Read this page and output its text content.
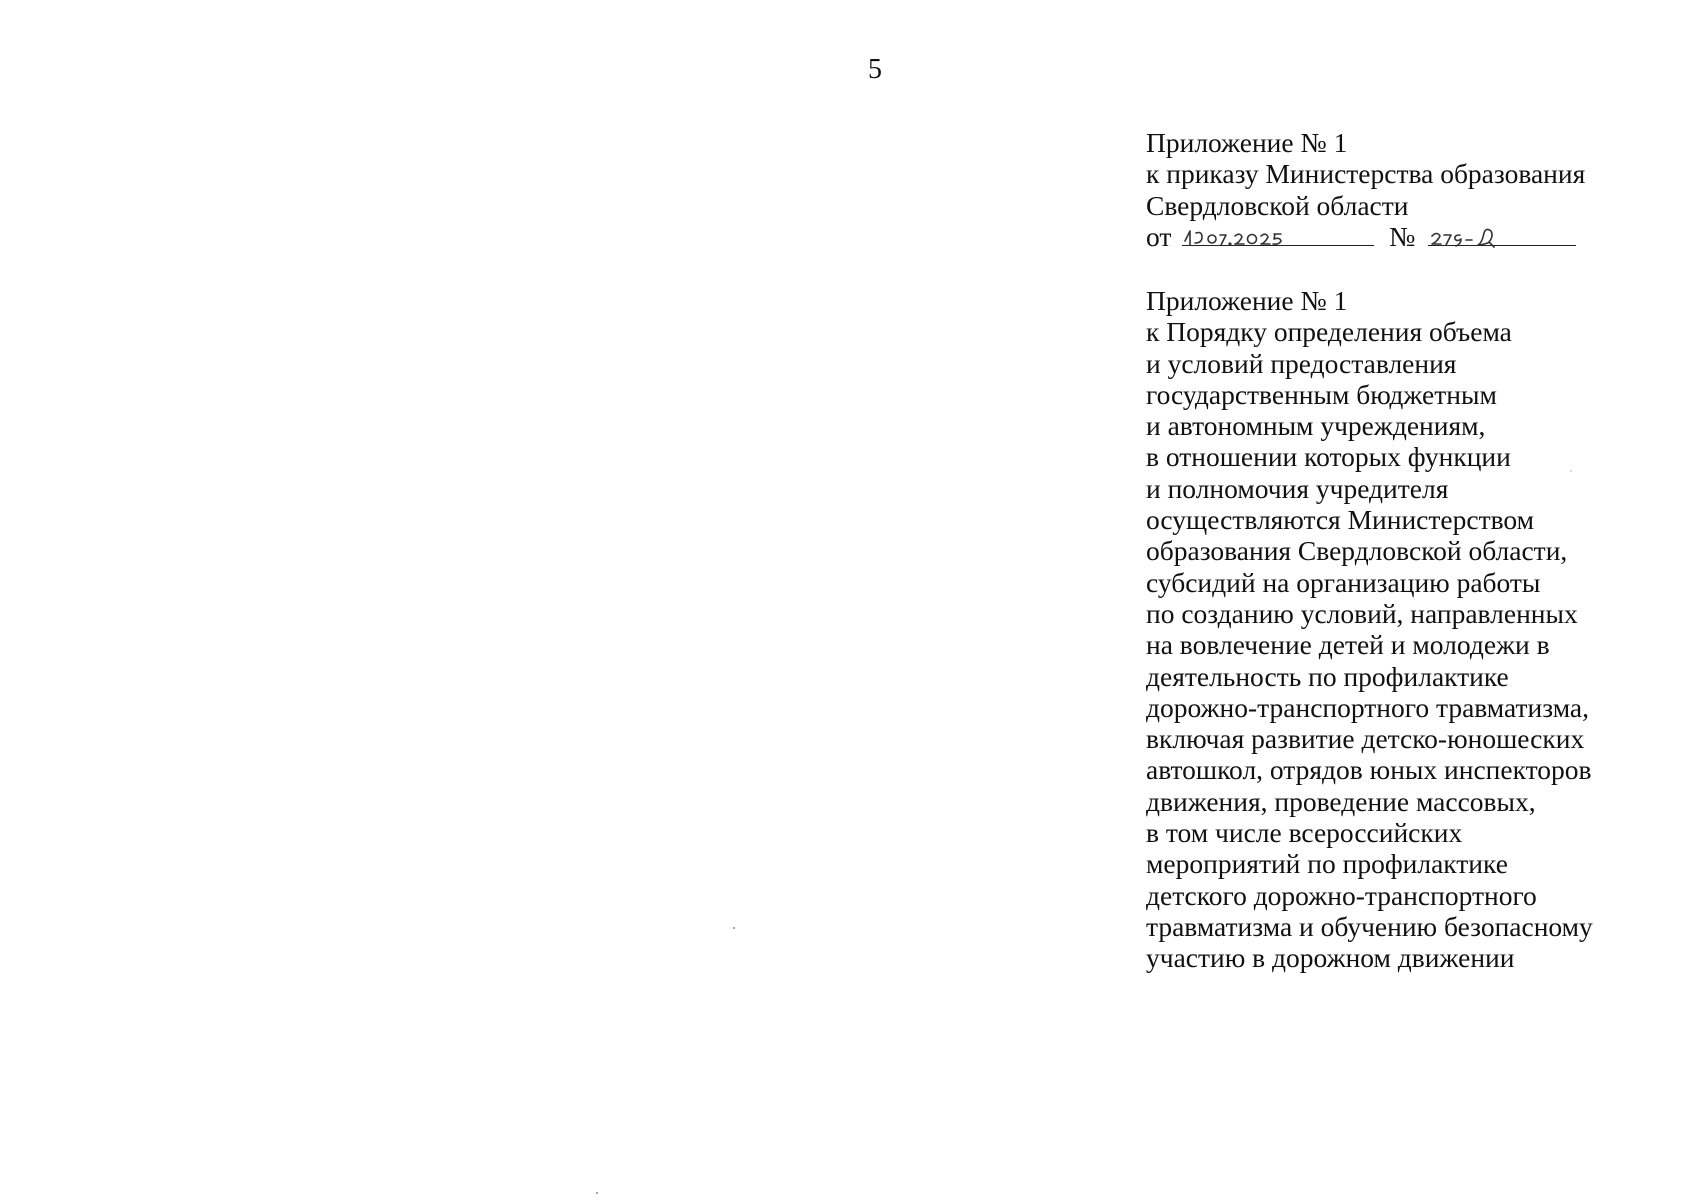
5
Приложение № 1
к приказу Министерства образования
Свердловской области
от	№
Приложение № 1
к Порядку определения объема
и условий предоставления
государственным бюджетным
и автономным учреждениям,
в отношении которых функции
и полномочия учредителя
осуществляются Министерством
образования Свердловской области,
субсидий на организацию работы
по созданию условий, направленных
на вовлечение детей и молодежи в
деятельность по профилактике
дорожно-транспортного травматизма,
включая развитие детско-юношеских
автошкол, отрядов юных инспекторов
движения, проведение массовых,
в том числе всероссийских
мероприятий по профилактике
детского дорожно-транспортного
травматизма и обучению безопасному
участию в дорожном движении
